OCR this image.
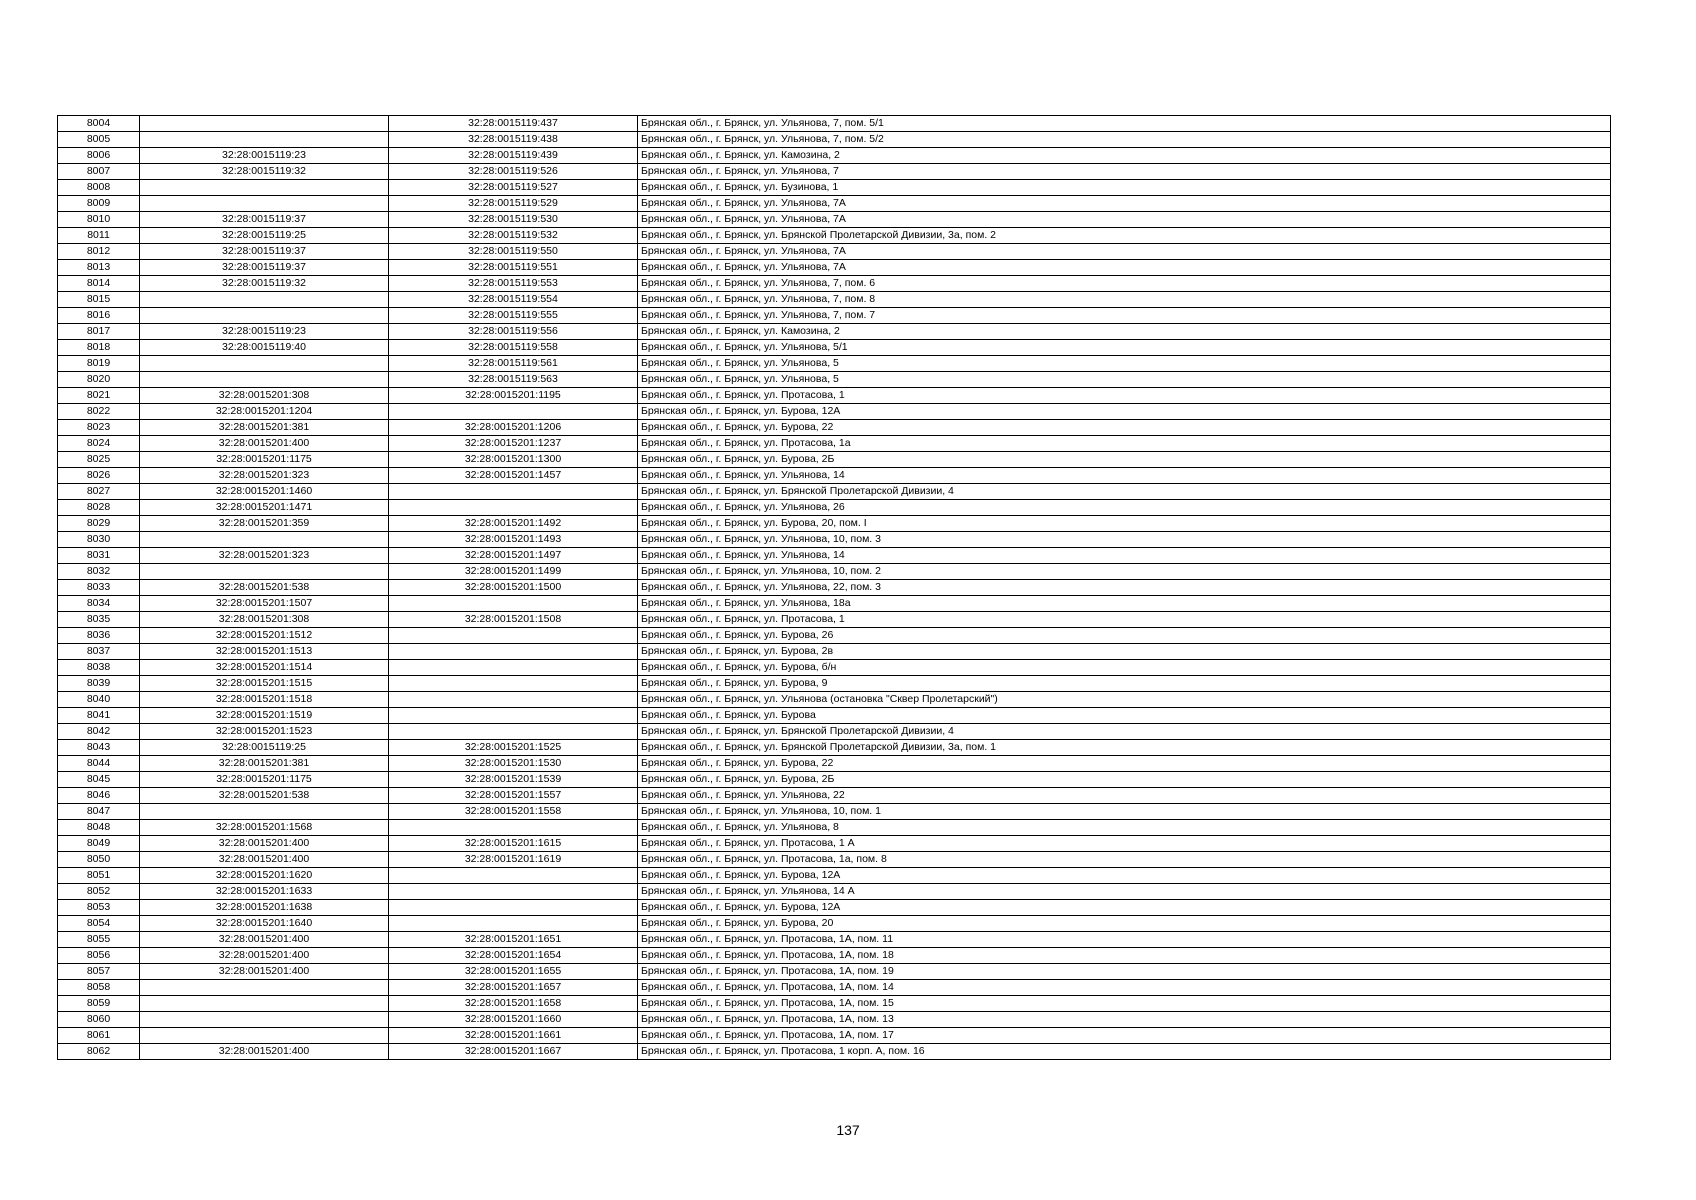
8004		32:28:0015119:437	Брянская обл., г. Брянск, ул. Ульянова, 7, пом. 5/1
8005		32:28:0015119:438	Брянская обл., г. Брянск, ул. Ульянова, 7, пом. 5/2
8006	32:28:0015119:23	32:28:0015119:439	Брянская обл., г. Брянск, ул. Камозина, 2
8007	32:28:0015119:32	32:28:0015119:526	Брянская обл., г. Брянск, ул. Ульянова, 7
8008		32:28:0015119:527	Брянская обл., г. Брянск, ул. Бузинова, 1
8009		32:28:0015119:529	Брянская обл., г. Брянск, ул. Ульянова, 7А
8010	32:28:0015119:37	32:28:0015119:530	Брянская обл., г. Брянск, ул. Ульянова, 7А
8011	32:28:0015119:25	32:28:0015119:532	Брянская обл., г. Брянск, ул. Брянской Пролетарской Дивизии, 3а, пом. 2
8012	32:28:0015119:37	32:28:0015119:550	Брянская обл., г. Брянск, ул. Ульянова, 7А
8013	32:28:0015119:37	32:28:0015119:551	Брянская обл., г. Брянск, ул. Ульянова, 7А
8014	32:28:0015119:32	32:28:0015119:553	Брянская обл., г. Брянск, ул. Ульянова, 7, пом. 6
8015		32:28:0015119:554	Брянская обл., г. Брянск, ул. Ульянова, 7, пом. 8
8016		32:28:0015119:555	Брянская обл., г. Брянск, ул. Ульянова, 7, пом. 7
8017	32:28:0015119:23	32:28:0015119:556	Брянская обл., г. Брянск, ул. Камозина, 2
8018	32:28:0015119:40	32:28:0015119:558	Брянская обл., г. Брянск, ул. Ульянова, 5/1
8019		32:28:0015119:561	Брянская обл., г. Брянск, ул. Ульянова, 5
8020		32:28:0015119:563	Брянская обл., г. Брянск, ул. Ульянова, 5
8021	32:28:0015201:308	32:28:0015201:1195	Брянская обл., г. Брянск, ул. Протасова, 1
8022	32:28:0015201:1204		Брянская обл., г. Брянск, ул. Бурова, 12А
8023	32:28:0015201:381	32:28:0015201:1206	Брянская обл., г. Брянск, ул. Бурова, 22
8024	32:28:0015201:400	32:28:0015201:1237	Брянская обл., г. Брянск, ул. Протасова, 1а
8025	32:28:0015201:1175	32:28:0015201:1300	Брянская обл., г. Брянск, ул. Бурова, 2Б
8026	32:28:0015201:323	32:28:0015201:1457	Брянская обл., г. Брянск, ул. Ульянова, 14
8027	32:28:0015201:1460		Брянская обл., г. Брянск, ул. Брянской Пролетарской Дивизии, 4
8028	32:28:0015201:1471		Брянская обл., г. Брянск, ул. Ульянова, 26
8029	32:28:0015201:359	32:28:0015201:1492	Брянская обл., г. Брянск, ул. Бурова, 20, пом. I
8030		32:28:0015201:1493	Брянская обл., г. Брянск, ул. Ульянова, 10, пом. 3
8031	32:28:0015201:323	32:28:0015201:1497	Брянская обл., г. Брянск, ул. Ульянова, 14
8032		32:28:0015201:1499	Брянская обл., г. Брянск, ул. Ульянова, 10, пом. 2
8033	32:28:0015201:538	32:28:0015201:1500	Брянская обл., г. Брянск, ул. Ульянова, 22, пом. 3
8034	32:28:0015201:1507		Брянская обл., г. Брянск, ул. Ульянова, 18а
8035	32:28:0015201:308	32:28:0015201:1508	Брянская обл., г. Брянск, ул. Протасова, 1
8036	32:28:0015201:1512		Брянская обл., г. Брянск, ул. Бурова, 26
8037	32:28:0015201:1513		Брянская обл., г. Брянск, ул. Бурова, 2в
8038	32:28:0015201:1514		Брянская обл., г. Брянск, ул. Бурова, б/н
8039	32:28:0015201:1515		Брянская обл., г. Брянск, ул. Бурова, 9
8040	32:28:0015201:1518		Брянская обл., г. Брянск, ул. Ульянова (остановка "Сквер Пролетарский")
8041	32:28:0015201:1519		Брянская обл., г. Брянск, ул. Бурова
8042	32:28:0015201:1523		Брянская обл., г. Брянск, ул. Брянской Пролетарской Дивизии, 4
8043	32:28:0015119:25	32:28:0015201:1525	Брянская обл., г. Брянск, ул. Брянской Пролетарской Дивизии, 3а, пом. 1
8044	32:28:0015201:381	32:28:0015201:1530	Брянская обл., г. Брянск, ул. Бурова, 22
8045	32:28:0015201:1175	32:28:0015201:1539	Брянская обл., г. Брянск, ул. Бурова, 2Б
8046	32:28:0015201:538	32:28:0015201:1557	Брянская обл., г. Брянск, ул. Ульянова, 22
8047		32:28:0015201:1558	Брянская обл., г. Брянск, ул. Ульянова, 10, пом. 1
8048	32:28:0015201:1568		Брянская обл., г. Брянск, ул. Ульянова, 8
8049	32:28:0015201:400	32:28:0015201:1615	Брянская обл., г. Брянск, ул. Протасова, 1 А
8050	32:28:0015201:400	32:28:0015201:1619	Брянская обл., г. Брянск, ул. Протасова, 1а, пом. 8
8051	32:28:0015201:1620		Брянская обл., г. Брянск, ул. Бурова, 12А
8052	32:28:0015201:1633		Брянская обл., г. Брянск, ул. Ульянова, 14 А
8053	32:28:0015201:1638		Брянская обл., г. Брянск, ул. Бурова, 12А
8054	32:28:0015201:1640		Брянская обл., г. Брянск, ул. Бурова, 20
8055	32:28:0015201:400	32:28:0015201:1651	Брянская обл., г. Брянск, ул. Протасова, 1А, пом. 11
8056	32:28:0015201:400	32:28:0015201:1654	Брянская обл., г. Брянск, ул. Протасова, 1А, пом. 18
8057	32:28:0015201:400	32:28:0015201:1655	Брянская обл., г. Брянск, ул. Протасова, 1А, пом. 19
8058		32:28:0015201:1657	Брянская обл., г. Брянск, ул. Протасова, 1А, пом. 14
8059		32:28:0015201:1658	Брянская обл., г. Брянск, ул. Протасова, 1А, пом. 15
8060		32:28:0015201:1660	Брянская обл., г. Брянск, ул. Протасова, 1А, пом. 13
8061		32:28:0015201:1661	Брянская обл., г. Брянск, ул. Протасова, 1А, пом. 17
8062	32:28:0015201:400	32:28:0015201:1667	Брянская обл., г. Брянск, ул. Протасова, 1 корп. А, пом. 16
137
